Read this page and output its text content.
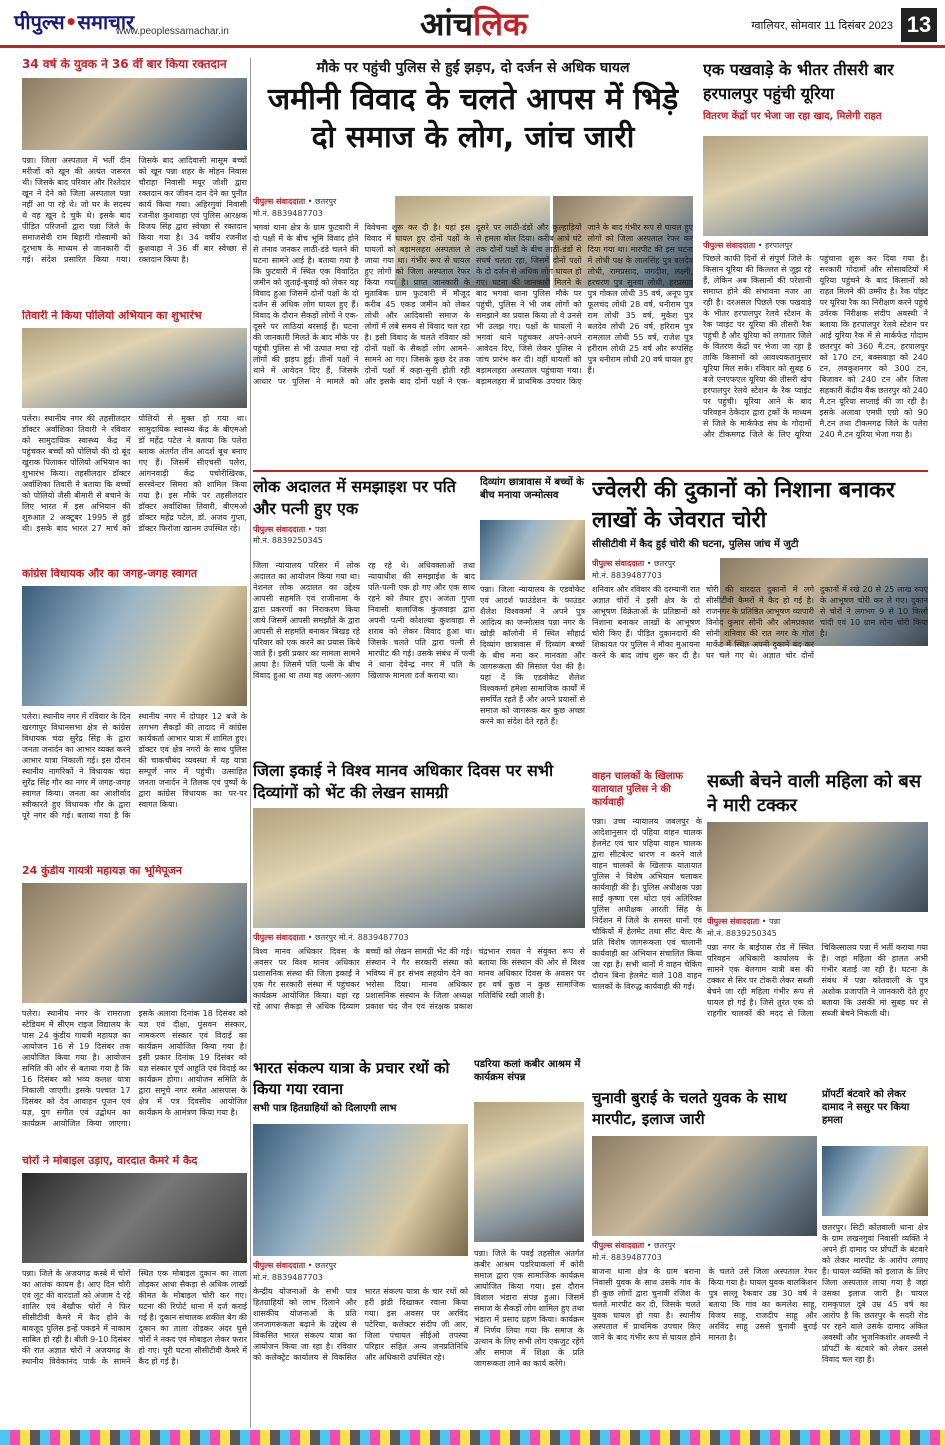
पीपुल्स•समाचार
www.peoplessamachar.in	आंचलिक	ग्वालियर, सोमवार 11 दिसंबर 2023 13
34 वर्ष के युवक ने 36 वीं बार किया रक्तदान
पन्ना। जिला अस्पताल में भर्ती दीन मरीजों को खून की अत्यंत जरूरत थी। जिसके बाद परिवार और रिश्तेदार खून ने देने को जिला अस्पताल पन्ना नहीं आ पा रहे थे। जो घर के सदस्य थे वह खून दे चुके थे। इसके बाद पीड़ित परिजनों द्वारा पन्ना जिले के समाजसेवी राम बिहारी गोस्वामी को दूरभाष के माध्यम से जानकारी दी गई। संदेश प्रसारित किया गया। जिसके बाद आदिवासी मासूम बच्चों को खून पन्ना शहर के मोहन निवास चौराहा निवासी मयूर जोशी द्वारा रक्तदान कर जीवन दान देने का पुनीत कार्य किया गया। अहिरगुवां निवासी रजनीश कुशवाहा एवं पुलिस आरक्षक विजय सिंह द्वारा स्वेच्छा से रक्तदान किया गया है। 34 वर्षीय रजनीश कुशवाहा ने 36 वीं बार स्वेच्छा से रक्तदान किया है।
तिवारी ने किया पोलियो अभियान का शुभारंभ
पलेरा। स्थानीय नगर की तहसीलदार डॉक्टर अर्वाशिका तिवारी ने रविवार को सामुदायिक स्वास्थ्य केंद्र में पहुंचकर बच्चों को पोलियो की दो बूंद खुराक पिलाकर पोलियो अभियान का शुभारंभ किया। तहसीलदार डॉक्टर अर्वाशिका तिवारी ने बताया कि बच्चों को पोलियो जैसी बीमारी से बचाने के लिए भारत में इस अभियान की शुरुआत 2 अक्टूबर 1995 से हुई थी। इसके बाद भारत 27 मार्च को पोलियो से मुक्त हो गया था। सामुदायिक स्वास्थ्य केंद्र के बीएमओ डॉ महेंद्र पटेल ने बताया कि पलेरा ब्लाक अंतर्गत तीन आदर्श बूथ बनाए गए हैं। जिसमें सीएचसी पलेरा, आंगनवाड़ी केंद्र पचोरीखिरक, सरस्वेन्टर सिमरा को शामिल किया गया है। इस मौके पर तहसीलदार डॉक्टर अर्वाशिका तिवारी, बीएमओ डॉक्टर महेंद्र पटेल, डॉ. अजय गुप्ता, डॉक्टर फिरोजा खानम उपस्थित रहे।
कांग्रेस विधायक और का जगह-जगह स्वागत
पलेरा। स्थानीय नगर में रविवार के दिन खरगापुर विधानसभा क्षेत्र से कांग्रेस विधायक चंदा सुरेंद्र सिंह के द्वारा जनता जनार्दन का आभार व्यक्त करने आभार यात्रा निकाली गई। इस दौरान स्थानीय नागरिकों ने विधायक चंदा सुरेंद्र सिंह गौर का नगर में जगह-जगह स्वागत किया। जनता का आशीर्वाद स्वीकारते हुए विधायक गौर के द्वारा पूरे नगर की गई। बताया गया है कि स्थानीय नगर में दोपहर 12 बजे के लगभग सैकड़ों की तादाद में कांग्रेस कार्यकर्ता आभार यात्रा में शामिल हुए। डॉक्टर एवं क्षेत्र नगरों के साथ पुलिस की चाकचौबंद व्यवस्था में यह यात्रा सम्पूर्ण नगर में पहुंची। उत्साहित जनता जनार्दन ने तिलक एवं पुष्पों के द्वारा कांग्रेस विधायक का पर-पर स्वागत किया।
24 कुंडीय गायत्री महायज्ञ का भूमिपूजन
पलेरा। स्थानीय नगर के रामराजा स्टेडियम में सीएम राइज विद्यालय के पास 24 कुंडीय गायत्री महायज्ञ का आयोजन 16 से 19 दिसंबर तक आयोजित किया गया है। आयोजन समिति की ओर से बताया गया है कि 16 दिसंबर को भव्य कलश यात्रा निकाली जाएगी। इसके पश्चात 17 दिसंबर को देव आवाहन पूजन एवं यज्ञ, युग संगीत एवं उद्बोधन का कार्यक्रम आयोजित किया जाएगा। इसके अलावा दिनांक 18 दिसंबर को यज्ञ एवं दीक्षा, पुंसवन संस्कार, नामकरण संस्कार एवं विदाई का कार्यक्रम आयोजित किया गया है। इसी प्रकार दिनांक 19 दिसंबर को यज्ञ संस्कार पूर्ण आहुति एवं विदाई का कार्यक्रम होगा। आयोजन समिति के द्वारा समूचे नगर समेत आसपास के क्षेत्र में पत्र दिवसीय आयोजित कार्यक्रम के आमंत्रण किया गया है।
चोरों ने मोबाइल उड़ाए, वारदात कैमरे में कैद
पन्ना। जिले के अजयगढ़ कस्बे में चोरों का आतंक कायम है। आए दिन चोरी एवं लूट की वारदातों को अंजाम दे रहे शातिर एवं बेखौफ चोरों ने फिर सीसीटीवी कैमरे में कैद होने के बावजूद पुलिस इन्हें पकड़ने में नाकाम साबित हो रही है। बीती 9-10 दिसंबर की रात अज्ञात चोरों ने अजयगढ़ के स्थानीय विवेकानंद पार्क के सामने स्थित एक मोबाइल दुकान का ताला तोड़कर आधा सैकड़ा से अधिक लाखों कीमत के मोबाइल चोरी कर गए। घटना की रिपोर्ट थाना में दर्ज कराई गई है। दुकान संचालक शकील बेग की दुकान का ताला तोड़कर अंदर घुसे चोरों ने नकद एवं मोबाइल लेकर फरार हो गए। पूरी घटना सीसीटीवी कैमरे में कैद हो गई है।
मौके पर पहुंची पुलिस से हुई झड़प, दो दर्जन से अधिक घायल
जमीनी विवाद के चलते आपस में भिड़े दो समाज के लोग, जांच जारी
पीपुल्स संवाददाता • छतरपुर
मो.नं. 8839487703
भगवां थाना क्षेत्र के ग्राम फुटवारी में दो पक्षों में के बीच भूमि विवाद होने से तनाव जनकर लाठी-डंडे चलने की घटना सामने आई है। बताया गया है कि फुटवारी में स्थित एक विवादित जमीन को जुताई-बुवाई को लेकर यह विवाद हुआ जिसमें दोनों पक्षों के दो दर्जन से अधिक लोग घायल हुए हैं। विवाद के दौरान सैकड़ों लोगों ने एक-दूसरे पर लाठियां बरसाईं हैं। घटना की जानकारी मिलते के बाद मौके पर पहुंची पुलिस से भी उत्पात मचा रहे लोगों की झड़प हुई। तीनों पक्षों ने थाने में आवेदन दिए हैं, जिसके आधार पर पुलिस ने मामले को विवेचना शुरू कर दी है। यहां इस विवाद में घायल हुए दोनों पक्षों के घायलों को बड़ामलहरा अस्पताल ले जाया गया था। गंभीर रूप से घायल हुए लोगों को जिला अस्पताल रेफर किया गया है। प्राप्त जानकारी के मुताबिक ग्राम फुटवारी में मौजूद करीब 45 एकड़ जमीन को लेकर लोधी और आदिवासी समाज के लोगों में लंबे समय से विवाद चल रहा है। इसी विवाद के चलते रविवार को दोनों पक्षों के सैकड़ों लोग आमने-सामने आ गए। जिसके कुछ देर तक दोनों पक्षों में कहा-सुनी होती रही और इसके बाद दोनों पक्षों ने एक-दूसरे पर लाठी-डंडों और कुल्हाड़ियों से हमला बोल दिया। करीब आधे घंटे तक दोनों पक्षों के बीच लाठी-डंडों से संघर्ष चलता रहा, जिसमें दोनों पक्षों के दो दर्जन से अधिक लोग घायल हो गए। घटना की जानकारी मिलने के बाद भगवां थाना पुलिस मौके पर पहुंची, पुलिस ने भी जब लोगों को समझाने का प्रयास किया तो वे उनसे भी उलझ गए। पक्षों के घायलों ने भगवां थाने पहुंचकर अपने-अपने आवेदन दिए, जिसे लेकर पुलिस ने जांच प्रारंभ कर दी। वहीं घायलों को बड़ामलहरा अस्पताल पहुंचाया गया। बड़ामलहरा में प्राथमिक उपचार किए जाने के बाद गंभीर रूप से घायल हुए लोगों को जिला अस्पताल रेफर कर दिया गया था। मारपीट की इस घटना में लोधी पक्ष के लालसिंह पुत्र बलदेव लोधी, रामप्रसाद, जगदीश, लक्ष्मी, हरचरण पुत्र सुनवा लोधी, हरप्रसाद पुत्र गोकल लोधी 35 वर्ष, अनूप पुत्र फूलचंद लोधी 28 वर्ष, धनीराम पुत्र राम लोधी 35 वर्ष, मुकेश पुत्र बलदेव लोधी 26 वर्ष, हरिराम पुत्र रामलाल लोधी 55 वर्ष, राजेश पुत्र हरीराम लोधी 25 वर्ष और रूपसिंह पुत्र धनीराम लोधी 20 वर्ष घायल हुए हैं।
एक पखवाड़े के भीतर तीसरी बार हरपालपुर पहुंची यूरिया
वितरण केंद्रों पर भेजा जा रहा खाद, मिलेगी राहत
पीपुल्स संवाददाता • हरपालपुर
पिछले काफी दिनों से संपूर्ण जिले के किसान यूरिया की किल्लत से जूझ रहे हैं, लेकिन अब किसानों की परेशानी समाप्त होने की संभावना नजर आ रही है। दरअसल पिछले एक पखवाड़े के भीतर हरपालपुर रेलवे स्टेशन के रैक प्वाइंट पर यूरिया की तीसरी रैक पहुंची है और यूरिया को लगातार जिले के वितरण केंद्रों पर भेजा जा रहा है ताकि किसानों को आवश्यकतानुसार यूरिया मिल सके। रविवार को सुबह 6 बजे एनएफएल यूरिया की तीसरी खेप हरपालपुर रेलवे स्टेशन के रैक प्वाइंट पर पहुंची। यूरिया आने के बाद परिवहन ठेकेदार द्वारा ट्रकों के माध्यम से जिले के मार्कफेड संघ के गोदामों और टीकमगढ़ जिले के लिए यूरिया पहुंचाना शुरू कर दिया गया है। सरकारी गोदामों और सोसायटियों में यूरिया पहुंचने के बाद किसानों को राहत मिलने की उम्मीद है। रैक पॉइंट पर यूरिया रैक का निरीक्षण करने पहुंचे उर्वरक निरीक्षक संदीप अवस्थी ने बताया कि हरपालपुर रेलवे स्टेशन पर आई यूरिया रैक में से मार्कफेड गोदाम छतरपुर को 360 मै.टन, हरपालपुर को 170 टन, बक्सवाहा को 240 टन, लवकुशनगर को 300 टन, बिजावर को 240 टन और जिला सहकारी केंद्रीय बैंक छतरपुर को 240 मै.टन यूरिया सप्लाई की जा रही है। इसके अलावा एमपी एग्रो को 90 मै.टन तथा टीकमगढ़ जिले के पलेरा 240 मै.टन यूरिया भेजा गया है।
लोक अदालत में समझाइश पर पति और पत्नी हुए एक
पीपुल्स संवाददाता • पन्ना
मो.नं. 8839250345
जिला न्यायालय परिसर में लोक अदालत का आयोजन किया गया था। नेशनल लोक अदालत का उद्देश्य आपसी सहमति एवं राजीनामा के द्वारा प्रकरणों का निराकरण किया जाये जिसमें आपसी समझौते के द्वारा आपसी से सहमति बनाकर बिखड़ रहे परिवार को एक करने का प्रयास किये जाते हैं। इसी प्रकार का मामला सामने आया है। जिसमें पति पत्नी के बीच विवाद हुआ था तथा वह अलग-अलग रह रहे थे। अधिवक्ताओं तथा न्यायाधीश की समझाईश के बाद पति-पत्नी एक हो गए और एक साथ रहने को तैयार हुए। अजंता गुप्ता निवासी बालाजिक कुंजवाड़ा द्वारा अपनी पत्नी कोशल्या कुशवाहा से शराब को लेकर विवाद हुआ था। जिसके चलते पति द्वारा पत्नी से मारपीट की गई। उसके संबंध में पत्नी ने थाना देवेन्द्र नगर में पति के खिलाफ मामला दर्ज कराया था।
दिव्यांग छात्रावास में बच्चों के बीच मनाया जन्मोत्सव
पन्ना। जिला न्यायालय के एडवोकेट एवं आदर्श फाउंडेशन के फाउंडर शैलेश विश्वकर्मा ने अपने पुत्र आदित्य का जन्मोत्सव पन्ना नगर के खोड़ी कॉलोनी में स्थित सौहार्द्र दिव्यांग छात्रावास में दिव्यांग बच्चों के बीच मना कर मानवता और जागरूकता की मिसाल पेश की है। यहां दें कि एडवोकेट शैलेश विश्वकर्मा हमेशा सामाजिक कार्यों में समर्पित रहते हैं और अपने प्रयासों से समाज को जागरूक कर कुछ अच्छा करने का संदेश देते रहते हैं।
ज्वेलरी की दुकानों को निशाना बनाकर लाखों के जेवरात चोरी
सीसीटीवी में कैद हुई चोरी की घटना, पुलिस जांच में जुटी
पीपुल्स संवाददाता • छतरपुर
मो.नं. 8839487703
शनिवार और रविवार की दरम्यानी रात अज्ञात चोरों ने इसी क्षेत्र के दो आभूषण विक्रेताओं के प्रतिष्ठानों को निशाना बनाकर लाखों के आभूषण चोरी किए हैं। पीड़ित दुकानदारों की शिकायत पर पुलिस ने मौका मुआयना करने के बाद जांच शुरू कर दी है। चोरी की वारदात दुकानों में लगे सीसीटीवी कैमरों में कैद हो गई है। राजनगर के प्रतिष्ठित आभूषण व्यापारी विनोद कुमार सोनी और ओमप्रकाश सोनी शनिवार की रात नगर के गोल मार्केट में स्थित अपनी दुकानें बंद कर घर चले गए थे। अज्ञात चोर दोनों दुकानों में रखे 20 से 25 लाख रुपए के आभूषण चोरी कर ले गए। दुकान से चोरों ने लगभग 9 से 10 किलो चांदी एवं 10 ग्राम सोना चोरी किया है।
जिला इकाई ने विश्व मानव अधिकार दिवस पर सभी दिव्यांगों को भेंट की लेखन सामग्री
पीपुल्स संवाददाता • छतरपुर मो.नं. 8839487703
विश्व मानव अधिकार दिवस के अवसर पर विश्व मानव अधिकार प्रशासनिक संस्था की जिला इकाई ने एक गैर सरकारी संस्था में पहुंचकर कार्यक्रम आयोजित किया। यहां रह रहे आधा सैकड़ा से अधिक दिव्यांग बच्चों को लेखन सामग्री भेंट की गई। संस्थान ने गैर सरकारी संस्था को भविष्य में हर संभव सहयोग देने का भरोसा दिया। मानव अधिकार प्रशासनिक संस्थान के जिला अध्यक्ष प्रकाश चंद जैन एवं संरक्षक प्रकाश चंद्रभान रावत ने संयुक्त रूप से बताया कि संस्थान की ओर से विश्व मानव अधिकार दिवस के अवसर पर हर वर्ष कुछ न कुछ सामाजिक गतिविधि रखी जाती है।
वाहन चालकों के खिलाफ यातायात पुलिस ने की कार्यवाही
पन्ना। उच्च न्यायालय जबलपुर के आदेशानुसार दो पहिया वाहन चालक हेलमेट एवं चार पहिया वाहन चालक द्वारा सीटबेल्ट धारण न करने वाले वाहन चालकों के खिलाफ यातायात पुलिस ने विशेष अभियान चलाकर कार्यवाही की है। पुलिस अधीक्षक पन्ना साईं कृष्णा एस थोटा एवं अतिरिक्त पुलिस अधीक्षक आरती सिंह के निर्देशन में जिले के समस्त थानों एवं चौकियों में हेलमेट तथा सीट बेल्ट के प्रति विशेष जागरूकता एवं चालानी कार्यवाही का अभियान संचालित किया जा रहा है। सभी थानों में वाहन चेकिंग दौरान बिना हेलमेट वाले 108 वाहन चालकों के विरुद्ध कार्यवाही की गई।
सब्जी बेचने वाली महिला को बस ने मारी टक्कर
पीपुल्स संवाददाता • पन्ना
मो.नं. 8839250345
पन्ना नगर के बाईपास रोड में स्थित परिवहन अधिकारी कार्यालय के सामने एक बेलगाम यात्री बस की टक्कर से सिर पर टोकरी लेकर सब्जी बेचने जा रही महिला गंभीर रूप से घायल हो गई है। जिसे तुरंत एक दो राहगीर चालकों की मदद से जिला चिकित्सालय पन्ना में भर्ती कराया गया है। जहां महिला की हालत अभी गंभीर बताई जा रही है। घटना के संबंध में पन्ना कोतवाली के पुत्र अशोक प्रजापति ने जानकारी देते हुए बताया कि उसकी मां सुबह घर से सब्जी बेचने निकली थी।
भारत संकल्प यात्रा के प्रचार रथों को किया गया रवाना
सभी पात्र हितग्राहियों को दिलाएगी लाभ
पीपुल्स संवाददाता • छतरपुर
मो.नं. 8839487703
केन्द्रीय योजनाओं के सभी पात्र हितग्राहियों को लाभ दिलाने और शासकीय योजनाओं के प्रति जनजागरूकता बढ़ाने के उद्देश्य से विकसित भारत संकल्प यात्रा का आयोजन किया जा रहा है। रविवार को कलेक्ट्रेट कार्यालय से विकसित भारत संकल्प यात्रा के चार रथों को हरी झंडी दिखाकर रवाना किया गया। इस अवसर पर अरविंद पटेरिया, कलेक्टर संदीप जी आर, जिला पंचायत सीईओ तपस्या परिहार सहित अन्य जनप्रतिनिधि और अधिकारी उपस्थित रहे।
पडरिया कलां कबीर आश्रम में कार्यक्रम संपन्न
पन्ना। जिले के पवई तहसील अंतर्गत कबीर आश्रम पडरियाकलां में कोरी समाज द्वारा एक सामाजिक कार्यक्रम आयोजित किया गया। इस दौरान विशाल भंडारा संपन्न हुआ। जिसमें समाज के सैकड़ों लोग शामिल हुए तथा भंडारा में प्रसाद ग्रहण किया। कार्यक्रम में निर्णय लिया गया कि समाज के उत्थान के लिए सभी लोग एकजुट रहेंगे और समाज में शिक्षा के प्रति जागरूकता लाने का कार्य करेंगे।
चुनावी बुराई के चलते युवक के साथ मारपीट, इलाज जारी
पीपुल्स संवाददाता • छतरपुर
मो.नं. 8839487703
बाजना थाना क्षेत्र के ग्राम बराना निवासी युवक के साथ उसके गांव के ही कुछ लोगों द्वारा चुनावी रंजिश के चलते मारपीट कर दी, जिसके चलते युवक घायल हो गया है। स्थानीय अस्पताल में प्राथमिक उपचार किए जाने के बाद गंभीर रूप से घायल होने के चलते उसे जिला अस्पताल रेफर किया गया है। घायल युवक बालकिशन पुत्र सल्लू रैकवार उम्र 30 वर्ष ने बताया कि गांव का कमलेश साहू, विजय साहू, राजदीप साहू और अरविंद साहू उससे चुनावी बुराई मानता है।
प्रॉपर्टी बंटवारे को लेकर दामाद ने ससुर पर किया हमला
छतरपुर। सिटी कोतवाली थाना क्षेत्र के ग्राम लखनगुवां निवासी व्यक्ति ने अपने ही दामाद पर प्रॉपर्टी के बंटवारे को लेकर मारपीट के आरोप लगाए हैं। घायल व्यक्ति को इलाज के लिए जिला अस्पताल लाया गया है जहां उसका इलाज जारी है। घायल रामकृपाल दुबे उम्र 45 वर्ष का आरोप है कि छतरपुर के सदरी रोड पर रहने वाले उसके दामाद अंकित अवस्थी और भुजनिकशोर अवस्थी ने प्रॉपर्टी के बंटवारे को लेकर उससे विवाद चल रहा है।
